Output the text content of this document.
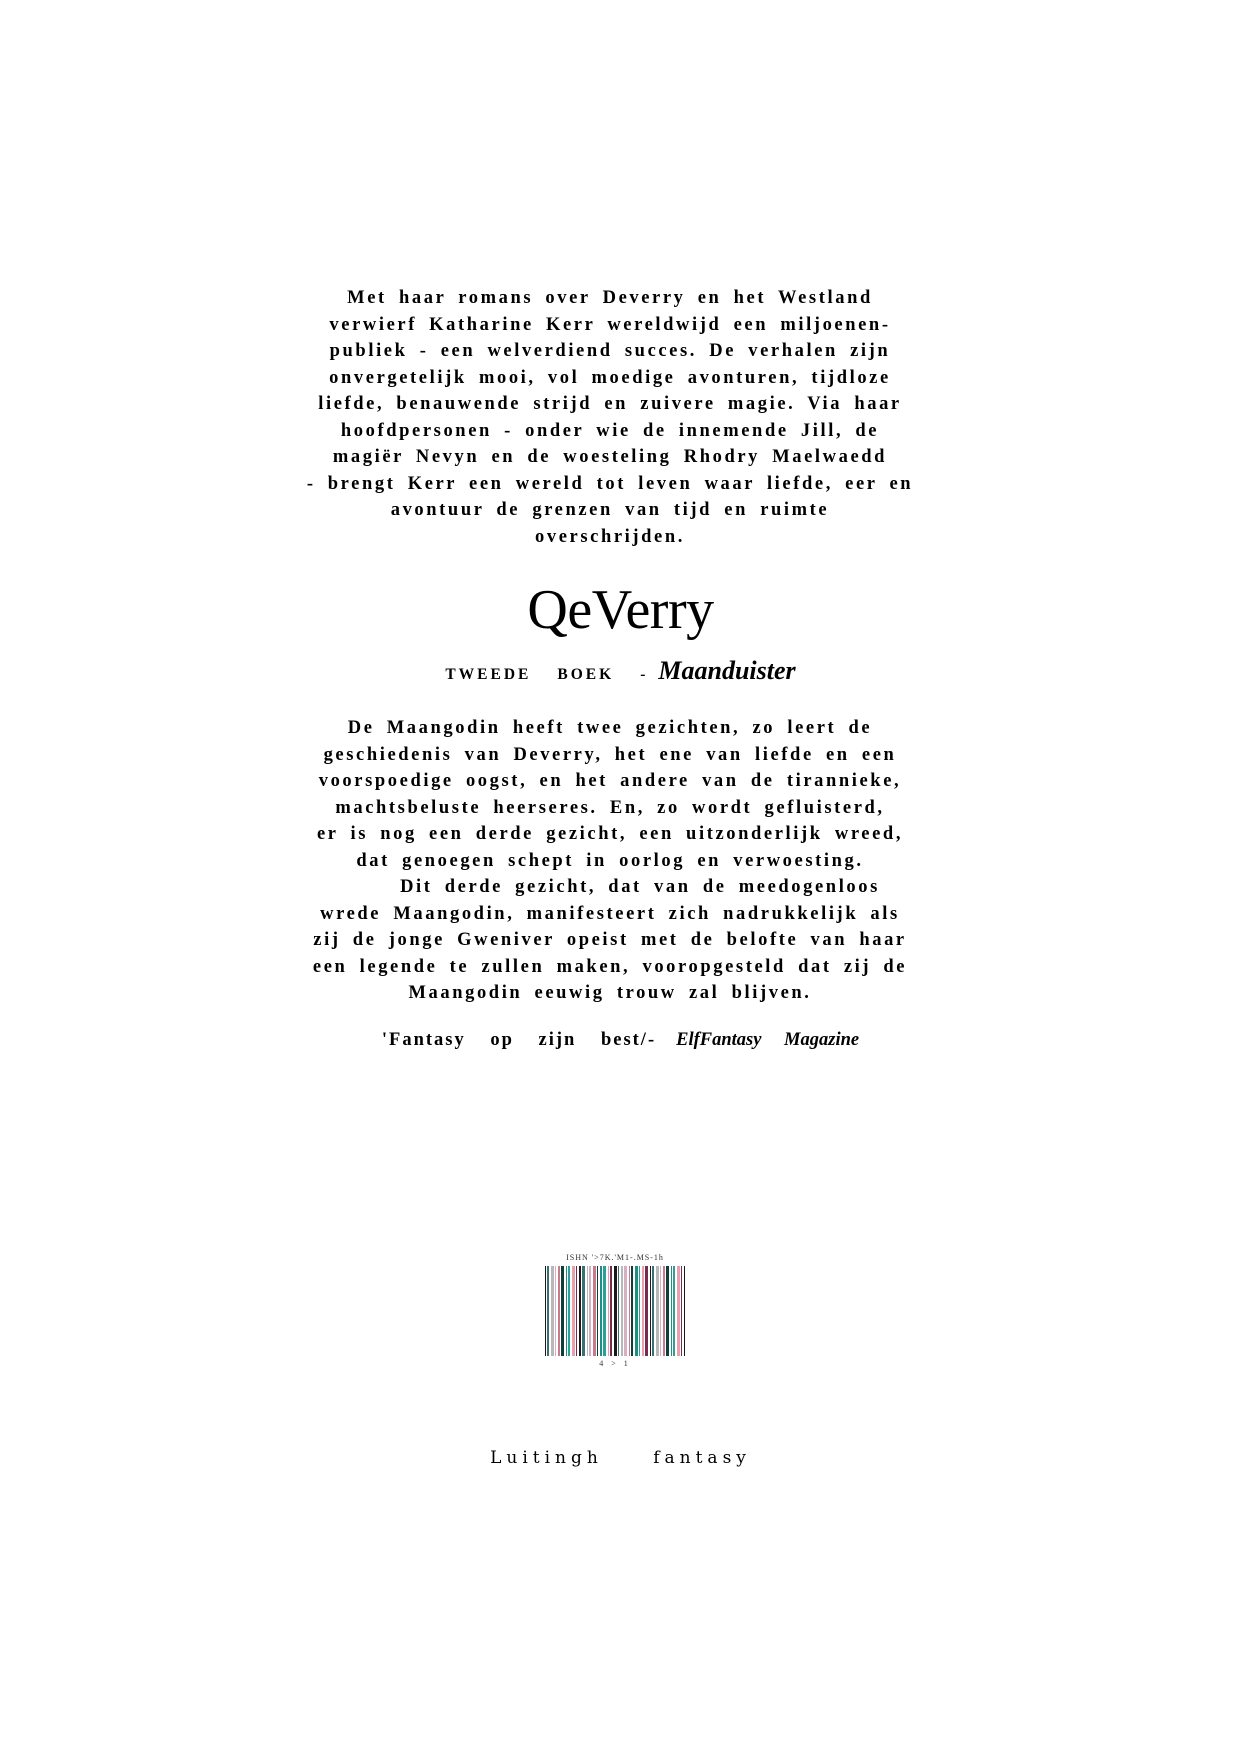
Met haar romans over Deverry en het Westland
verwierf Katharine Kerr wereldwijd een miljoenen-
publiek - een welverdiend succes. De verhalen zijn
onvergetelijk mooi, vol moedige avonturen, tijdloze
liefde, benauwende strijd en zuivere magie. Via haar
hoofdpersonen - onder wie de innemende Jill, de
magiër Nevyn en de woesteling Rhodry Maelwaedd
- brengt Kerr een wereld tot leven waar liefde, eer en
avontuur de grenzen van tijd en ruimte
overschrijden.
QeVerry
TWEEDE BOEK - Maanduister
De Maangodin heeft twee gezichten, zo leert de
geschiedenis van Deverry, het ene van liefde en een
voorspoedige oogst, en het andere van de tirannieke,
machtsbeluste heerseres. En, zo wordt gefluisterd,
er is nog een derde gezicht, een uitzonderlijk wreed,
dat genoegen schept in oorlog en verwoesting.
Dit derde gezicht, dat van de meedogenloos
wrede Maangodin, manifesteert zich nadrukkelijk als
zij de jonge Gweniver opeist met de belofte van haar
een legende te zullen maken, vooropgesteld dat zij de
Maangodin eeuwig trouw zal blijven.
'Fantasy op zijn best/- ElfFantasy Magazine
ISHN '>7K.'M1-.MS-1h
4 > 1
Luitingh fantasy
